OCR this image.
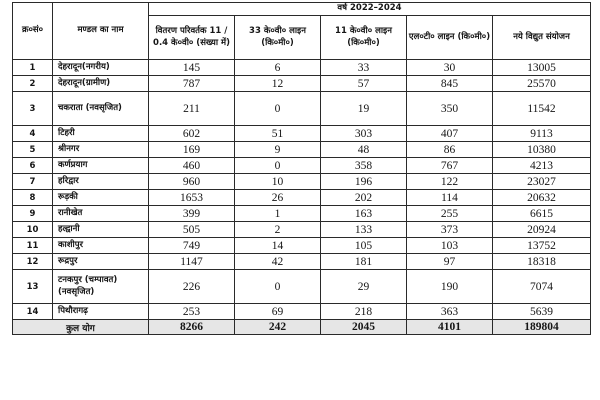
क्र०सं०	मण्डल का नाम	वर्ष 2022–2024				
		वितरण परिवर्तक 11 / 0.4 के०वी० (संख्या में)	33 के०वी० लाइन (कि०मी०)	11 के०वी० लाइन (कि०मी०)	एल०टी० लाइन (कि०मी०)	नये विद्युत संयोजन
1	देहरादून(नगरीय)	145	6	33	30	13005
2	देहरादून(ग्रामीण)	787	12	57	845	25570
3	चकराता (नवसृजित)	211	0	19	350	11542
4	टिहरी	602	51	303	407	9113
5	श्रीनगर	169	9	48	86	10380
6	कर्णप्रयाग	460	0	358	767	4213
7	हरिद्वार	960	10	196	122	23027
8	रूड़की	1653	26	202	114	20632
9	रानीखेत	399	1	163	255	6615
10	हल्द्वानी	505	2	133	373	20924
11	काशीपुर	749	14	105	103	13752
12	रूद्रपुर	1147	42	181	97	18318
13	टनकपुर (चम्पावत) (नवसृजित)	226	0	29	190	7074
14	पिथौरागढ़	253	69	218	363	5639
कुल योग		8266	242	2045	4101	189804
